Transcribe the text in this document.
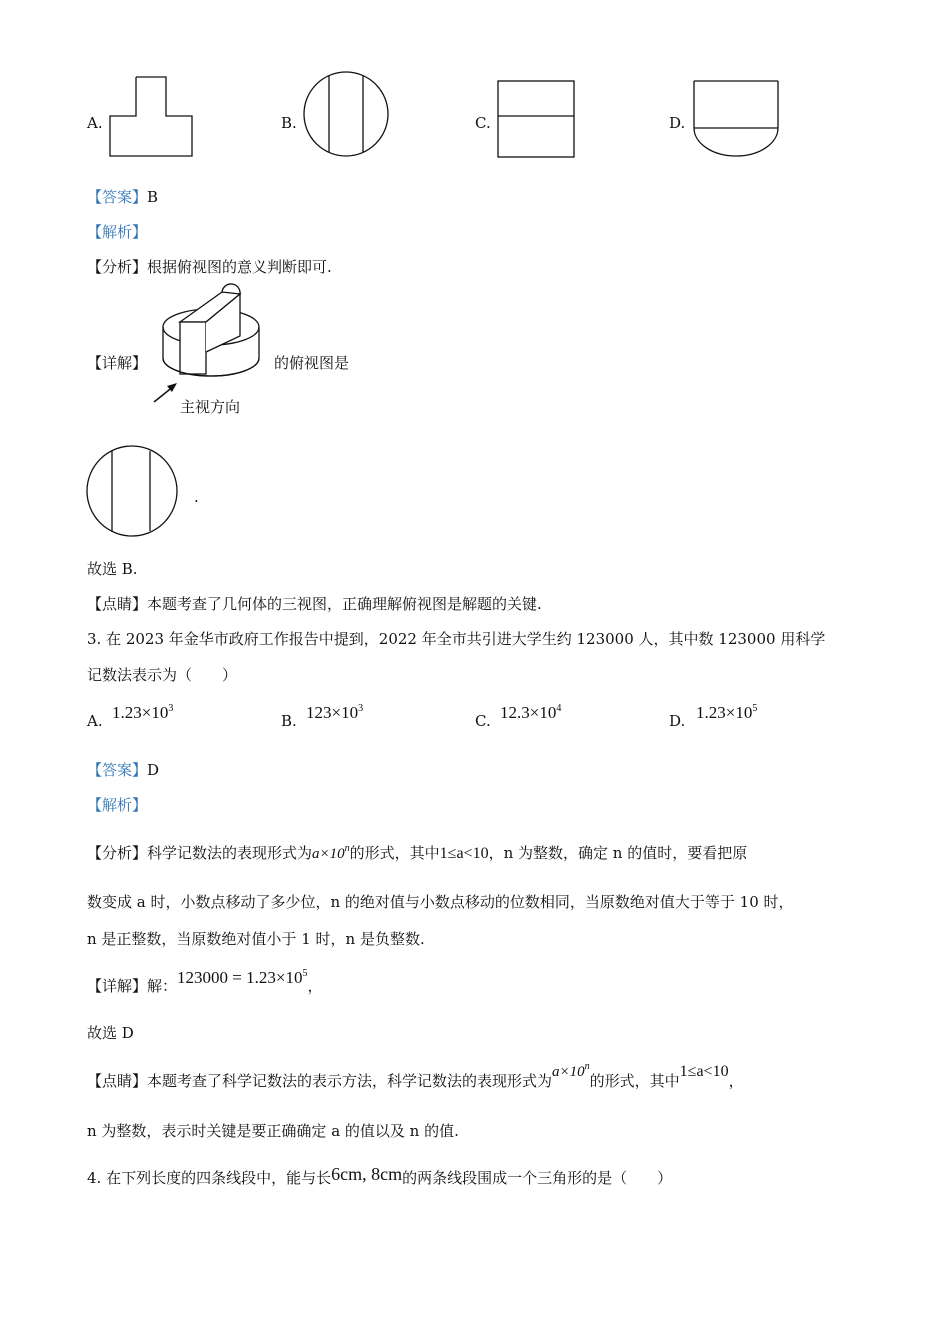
A.	B.	C.	D.
【答案】B
【解析】
【分析】根据俯视图的意义判断即可.
【详解】	的俯视图是
主视方向
.
故选 B.
【点睛】本题考查了几何体的三视图，正确理解俯视图是解题的关键.
3. 在 2023 年金华市政府工作报告中提到，2022 年全市共引进大学生约 123000 人，其中数 123000 用科学
记数法表示为（　　）
A. $1.23\times 10^3$
B. $123\times 10^3$
C. $12.3\times 10^4$
D. $1.23\times 10^5$
【答案】D
【解析】
【分析】科学记数法的表现形式为$a\times 10^n$的形式，其中1≤a<10，n 为整数，确定 n 的值时，要看把原
数变成 a 时，小数点移动了多少位，n 的绝对值与小数点移动的位数相同，当原数绝对值大于等于 10 时，
n 是正整数，当原数绝对值小于 1 时，n 是负整数.
【详解】解：$123000 = 1.23\times 10^5$，
故选 D
【点睛】本题考查了科学记数法的表示方法，科学记数法的表现形式为$a\times 10^n$的形式，其中1≤a<10，
n 为整数，表示时关键是要正确确定 a 的值以及 n 的值.
4. 在下列长度的四条线段中，能与长6cm, 8cm的两条线段围成一个三角形的是（　　）
